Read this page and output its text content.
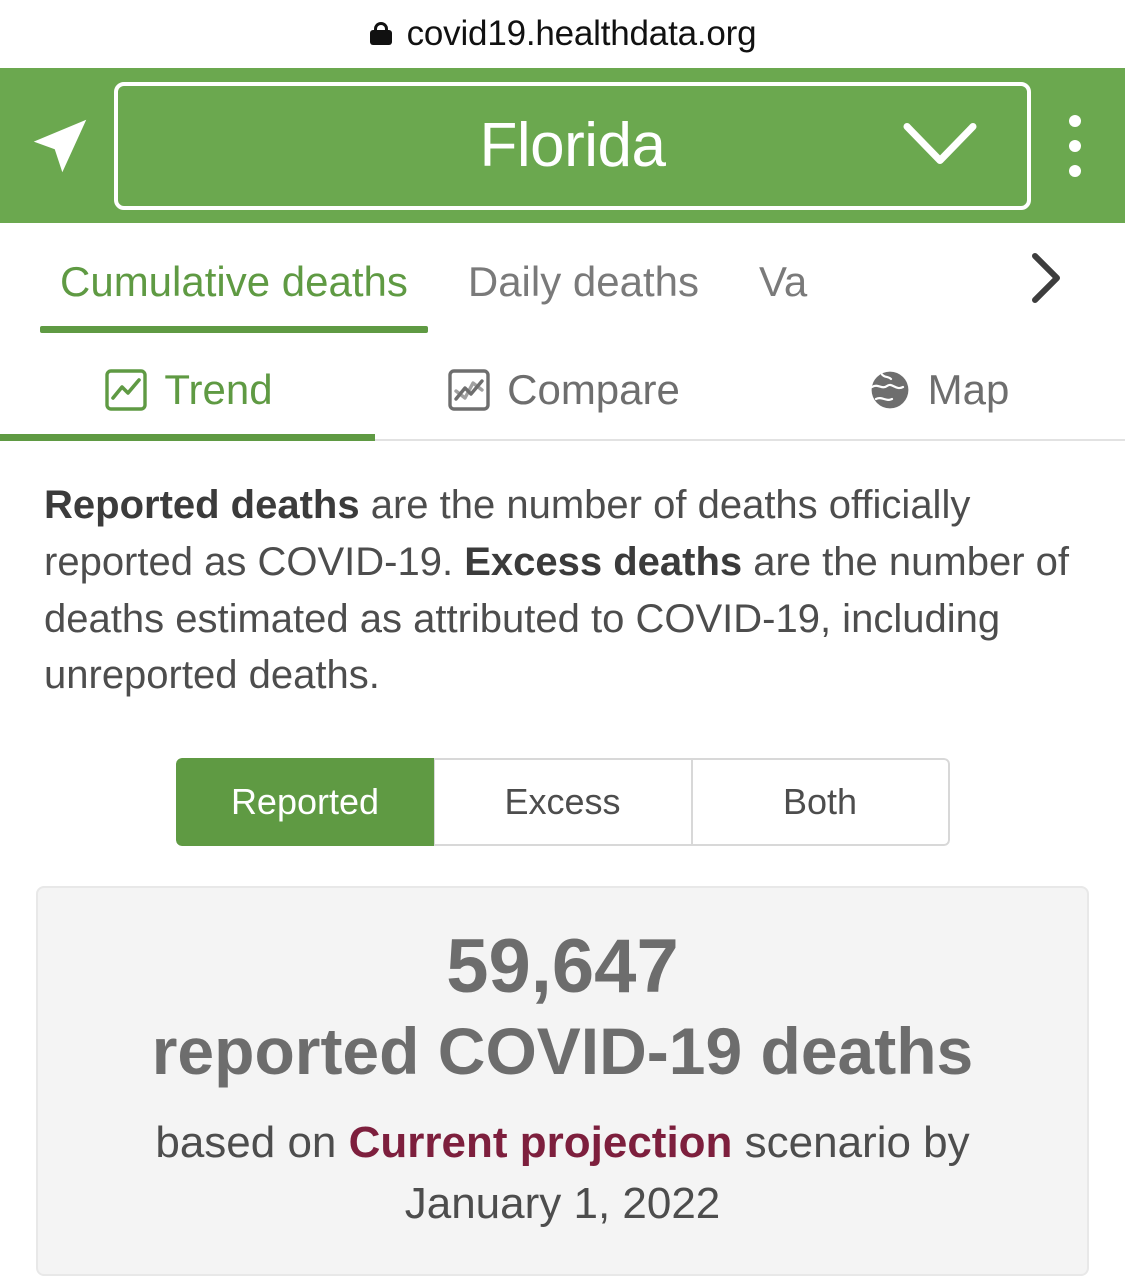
covid19.healthdata.org
Florida
Cumulative deaths	Daily deaths	Va
Trend	Compare	Map
Reported deaths are the number of deaths officially reported as COVID-19. Excess deaths are the number of deaths estimated as attributed to COVID-19, including unreported deaths.
Reported	Excess	Both
59,647
reported COVID-19 deaths
based on Current projection scenario by
January 1, 2022
